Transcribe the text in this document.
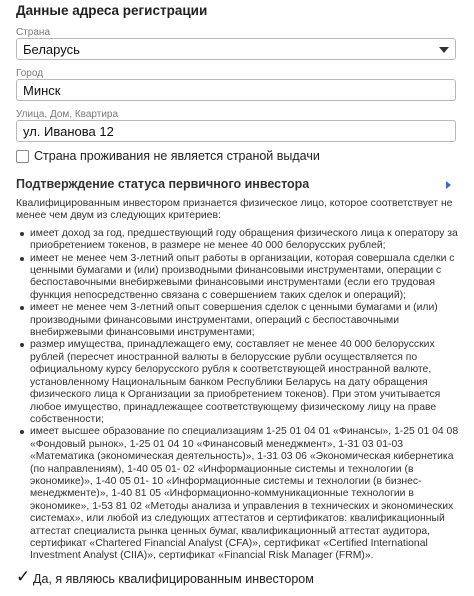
Данные адреса регистрации
Страна
Беларусь
Город
Минск
Улица, Дом, Квартира
ул. Иванова 12
Страна проживания не является страной выдачи
Подтверждение статуса первичного инвестора

Квалифицированным инвестором признается физическое лицо, которое соответствует не менее чем двум из следующих критериев:

имеет доход за год, предшествующий году обращения физического лица к оператору за приобретением токенов, в размере не менее 40 000 белорусских рублей;
имеет не менее чем 3-летний опыт работы в организации, которая совершала сделки с ценными бумагами и (или) производными финансовыми инструментами, операции с беспоставочными внебиржевыми финансовыми инструментами (если его трудовая функция непосредственно связана с совершением таких сделок и операций);
имеет не менее чем 3-летний опыт совершения сделок с ценными бумагами и (или) производными финансовыми инструментами, операций с беспоставочными внебиржевыми финансовыми инструментами;
размер имущества, принадлежащего ему, составляет не менее 40 000 белорусских рублей (пересчет иностранной валюты в белорусские рубли осуществляется по официальному курсу белорусского рубля к соответствующей иностранной валюте, установленному Национальным банком Республики Беларусь на дату обращения физического лица к Организации за приобретением токенов). При этом учитывается любое имущество, принадлежащее соответствующему физическому лицу на праве собственности;
имеет высшее образование по специализациям 1-25 01 04 01 «Финансы», 1-25 01 04 08 «Фондовый рынок», 1-25 01 04 10 «Финансовый менеджмент», 1-31 03 01-03 «Математика (экономическая деятельность)», 1-31 03 06 «Экономическая кибернетика (по направлениям), 1-40 05 01- 02 «Информационные системы и технологии (в экономике)», 1-40 05 01- 10 «Информационные системы и технологии (в бизнес-менеджменте)», 1-40 81 05 «Информационно-коммуникационные технологии в экономике», 1-53 81 02 «Методы анализа и управления в технических и экономических системах», или любой из следующих аттестатов и сертификатов: квалификационный аттестат специалиста рынка ценных бумаг, квалификационный аттестат аудитора, сертификат «Chartered Financial Analyst (CFA)», сертификат «Certified International Investment Analyst (CIIA)», сертификат «Financial Risk Manager (FRM)».
✓ Да, я являюсь квалифицированным инвестором
